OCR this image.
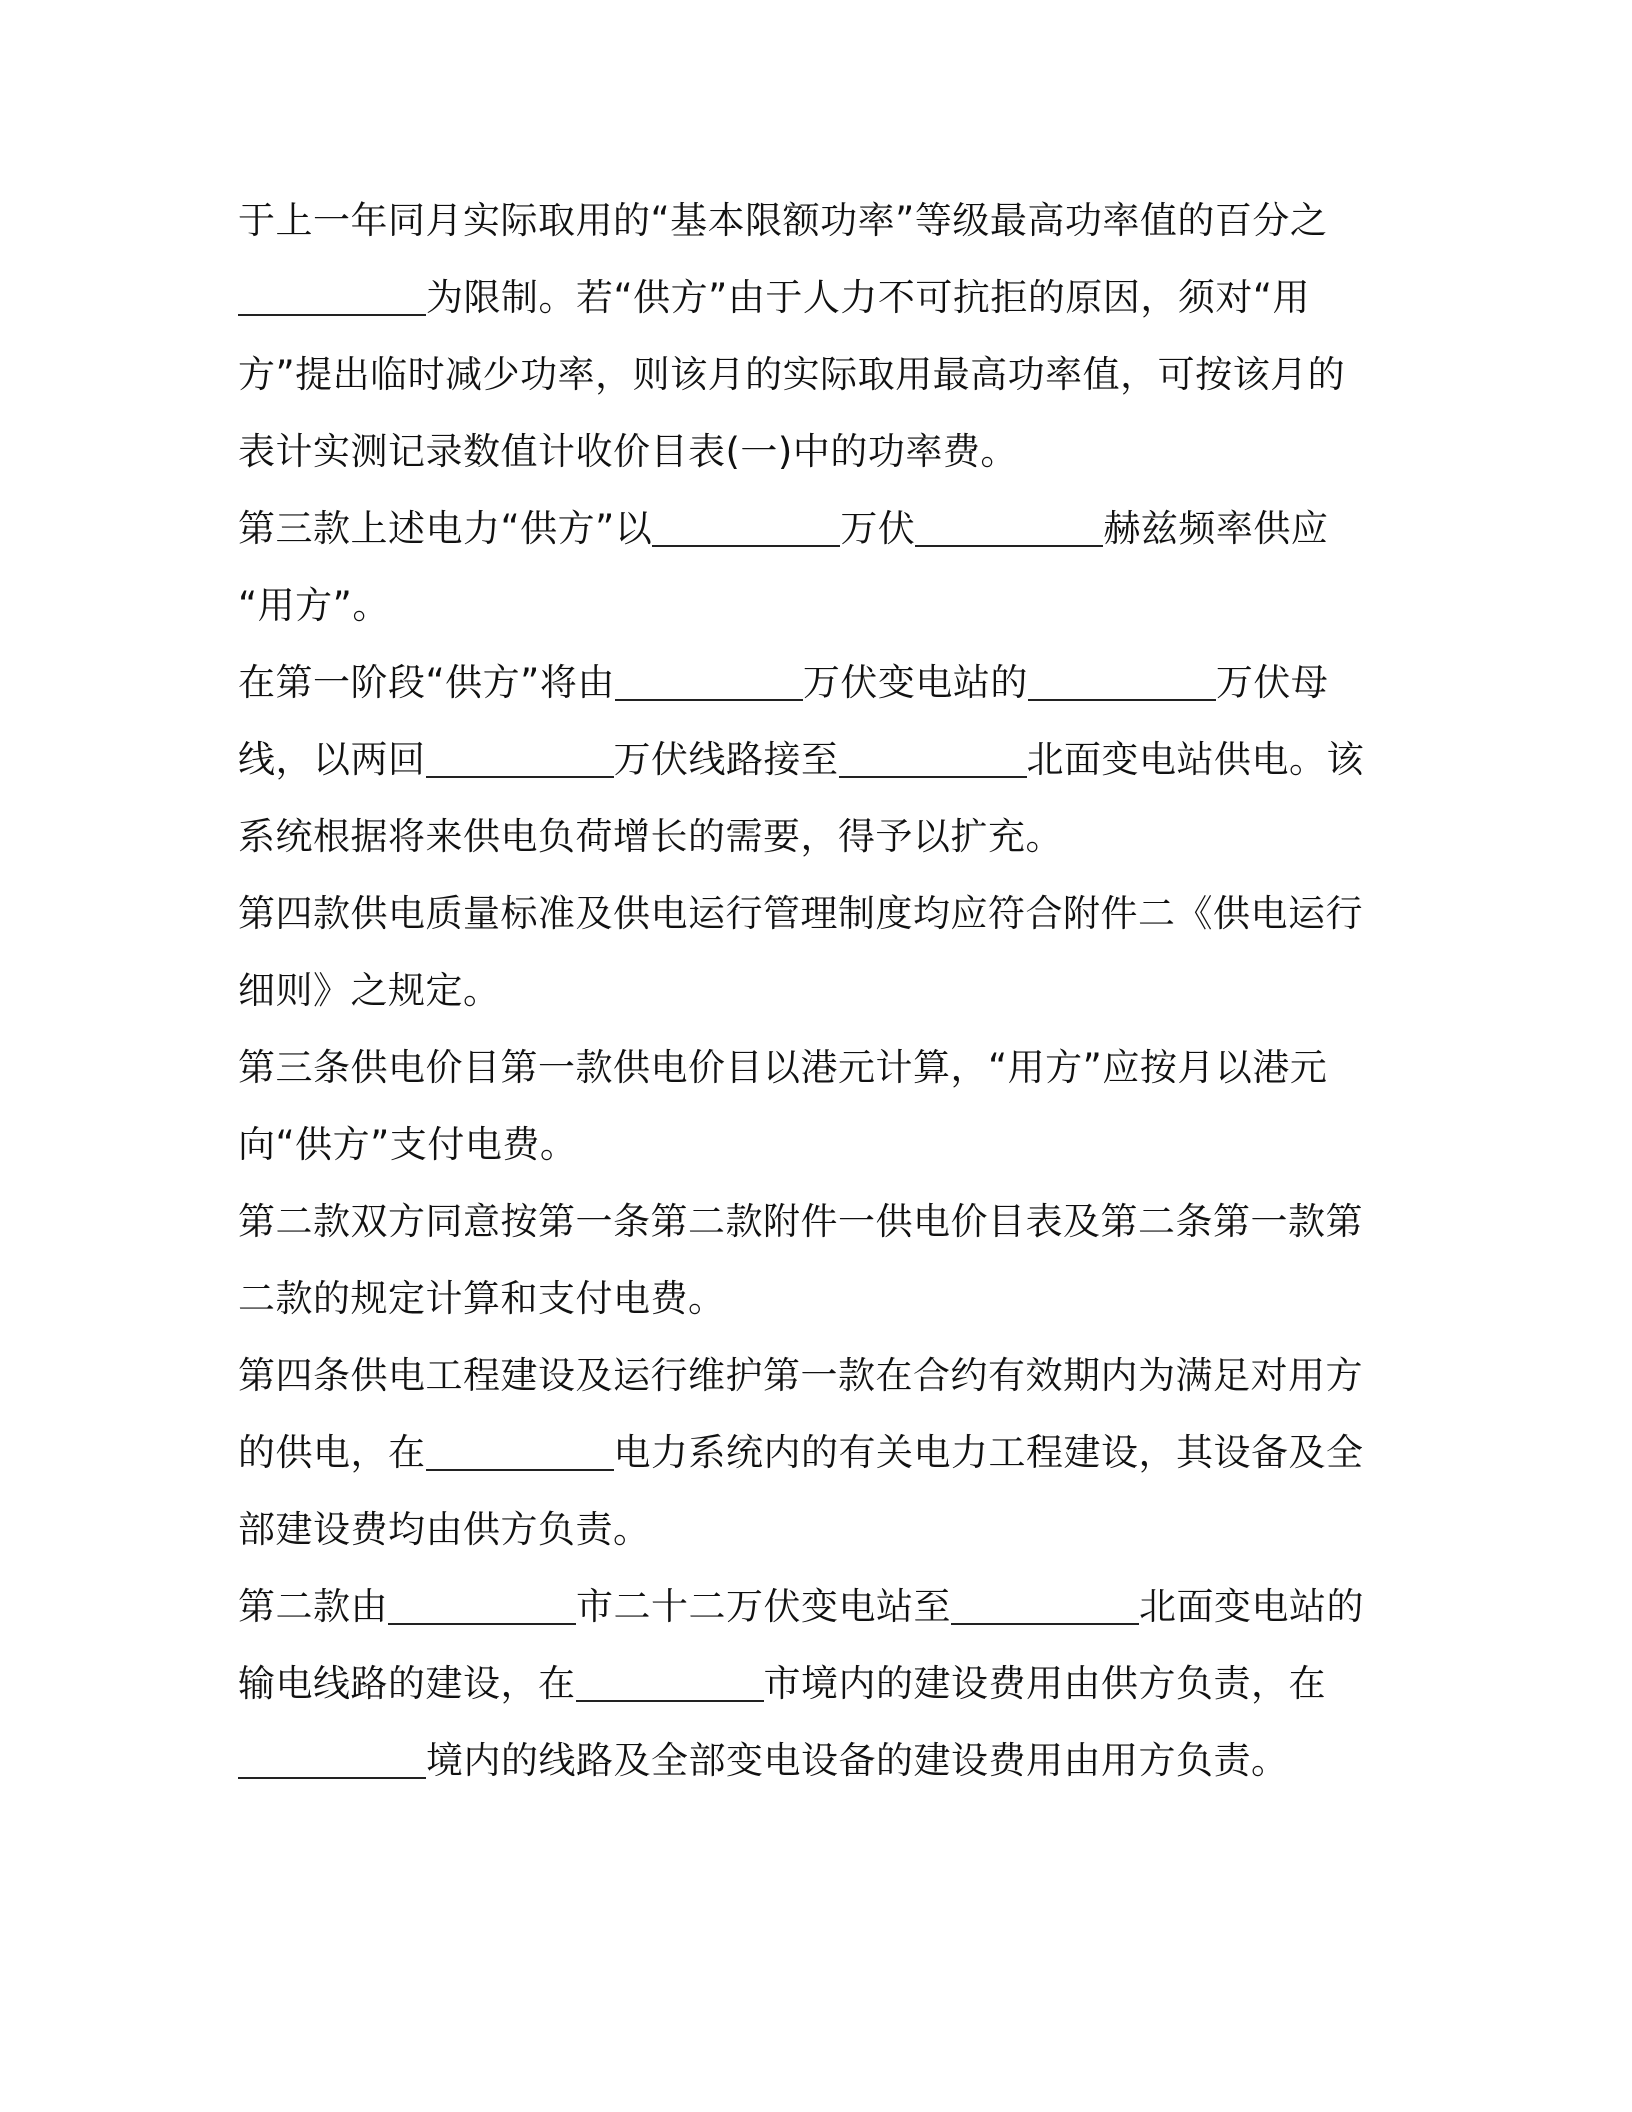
于上一年同月实际取用的“基本限额功率”等级最高功率值的百分之
为限制。若“供方”由于人力不可抗拒的原因，须对“用
方”提出临时减少功率，则该月的实际取用最高功率值，可按该月的
表计实测记录数值计收价目表(一)中的功率费。
第三款上述电力“供方”以	万伏	赫兹频率供应
“用方”。
在第一阶段“供方”将由	万伏变电站的	万伏母
线，以两回	万伏线路接至	北面变电站供电。该
系统根据将来供电负荷增长的需要，得予以扩充。
第四款供电质量标准及供电运行管理制度均应符合附件二《供电运行
细则》之规定。
第三条供电价目第一款供电价目以港元计算，“用方”应按月以港元
向“供方”支付电费。
第二款双方同意按第一条第二款附件一供电价目表及第二条第一款第
二款的规定计算和支付电费。
第四条供电工程建设及运行维护第一款在合约有效期内为满足对用方
的供电，在	电力系统内的有关电力工程建设，其设备及全
部建设费均由供方负责。
第二款由	市二十二万伏变电站至	北面变电站的
输电线路的建设，在	市境内的建设费用由供方负责，在
境内的线路及全部变电设备的建设费用由用方负责。
